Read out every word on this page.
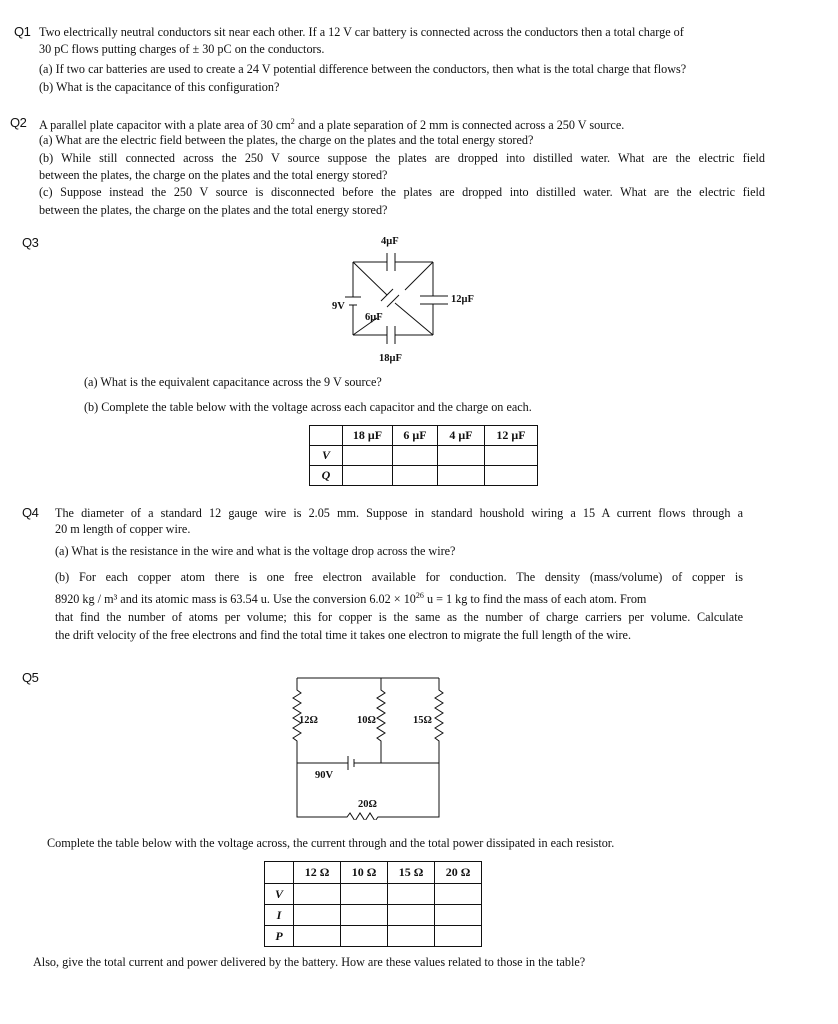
Q1 Two electrically neutral conductors sit near each other. If a 12 V car battery is connected across the conductors then a total charge of
30 pC flows putting charges of ± 30 pC on the conductors.
(a) If two car batteries are used to create a 24 V potential difference between the conductors, then what is the total charge that flows?
(b) What is the capacitance of this configuration?
Q2 A parallel plate capacitor with a plate area of 30 $cm^2$ and a plate separation of 2 mm is connected across a 250 V source.
(a) What are the electric field between the plates, the charge on the plates and the total energy stored?
(b) While still connected across the 250 V source suppose the plates are dropped into distilled water. What are the electric field
between the plates, the charge on the plates and the total energy stored?
(c) Suppose instead the 250 V source is disconnected before the plates are dropped into distilled water. What are the electric field
between the plates, the charge on the plates and the total energy stored?
Q3	4μF
12μF
6μF
18μF
9V
(a) What is the equivalent capacitance across the 9 V source?
(b) Complete the table below with the voltage across each capacitor and the charge on each.
	18 μF	6 μF	4 μF	12 μF
V				
Q				
Q4 The diameter of a standard 12 gauge wire is 2.05 mm. Suppose in standard houshold wiring a 15 A current flows through a
20 m length of copper wire.
(a) What is the resistance in the wire and what is the voltage drop across the wire?
(b) For each copper atom there is one free electron available for conduction. The density (mass/volume) of copper is
8920 kg / m³ and its atomic mass is 63.54 u. Use the conversion $6.02 \times 10^{26}$ u = 1 kg to find the mass of each atom. From
that find the number of atoms per volume; this for copper is the same as the number of charge carriers per volume. Calculate
the drift velocity of the free electrons and find the total time it takes one electron to migrate the full length of the wire.
Q5
12Ω	10Ω	15Ω
90V
20Ω
Complete the table below with the voltage across, the current through and the total power dissipated in each resistor.
	12 Ω	10 Ω	15 Ω	20 Ω
V				
I				
P				
Also, give the total current and power delivered by the battery. How are these values related to those in the table?
